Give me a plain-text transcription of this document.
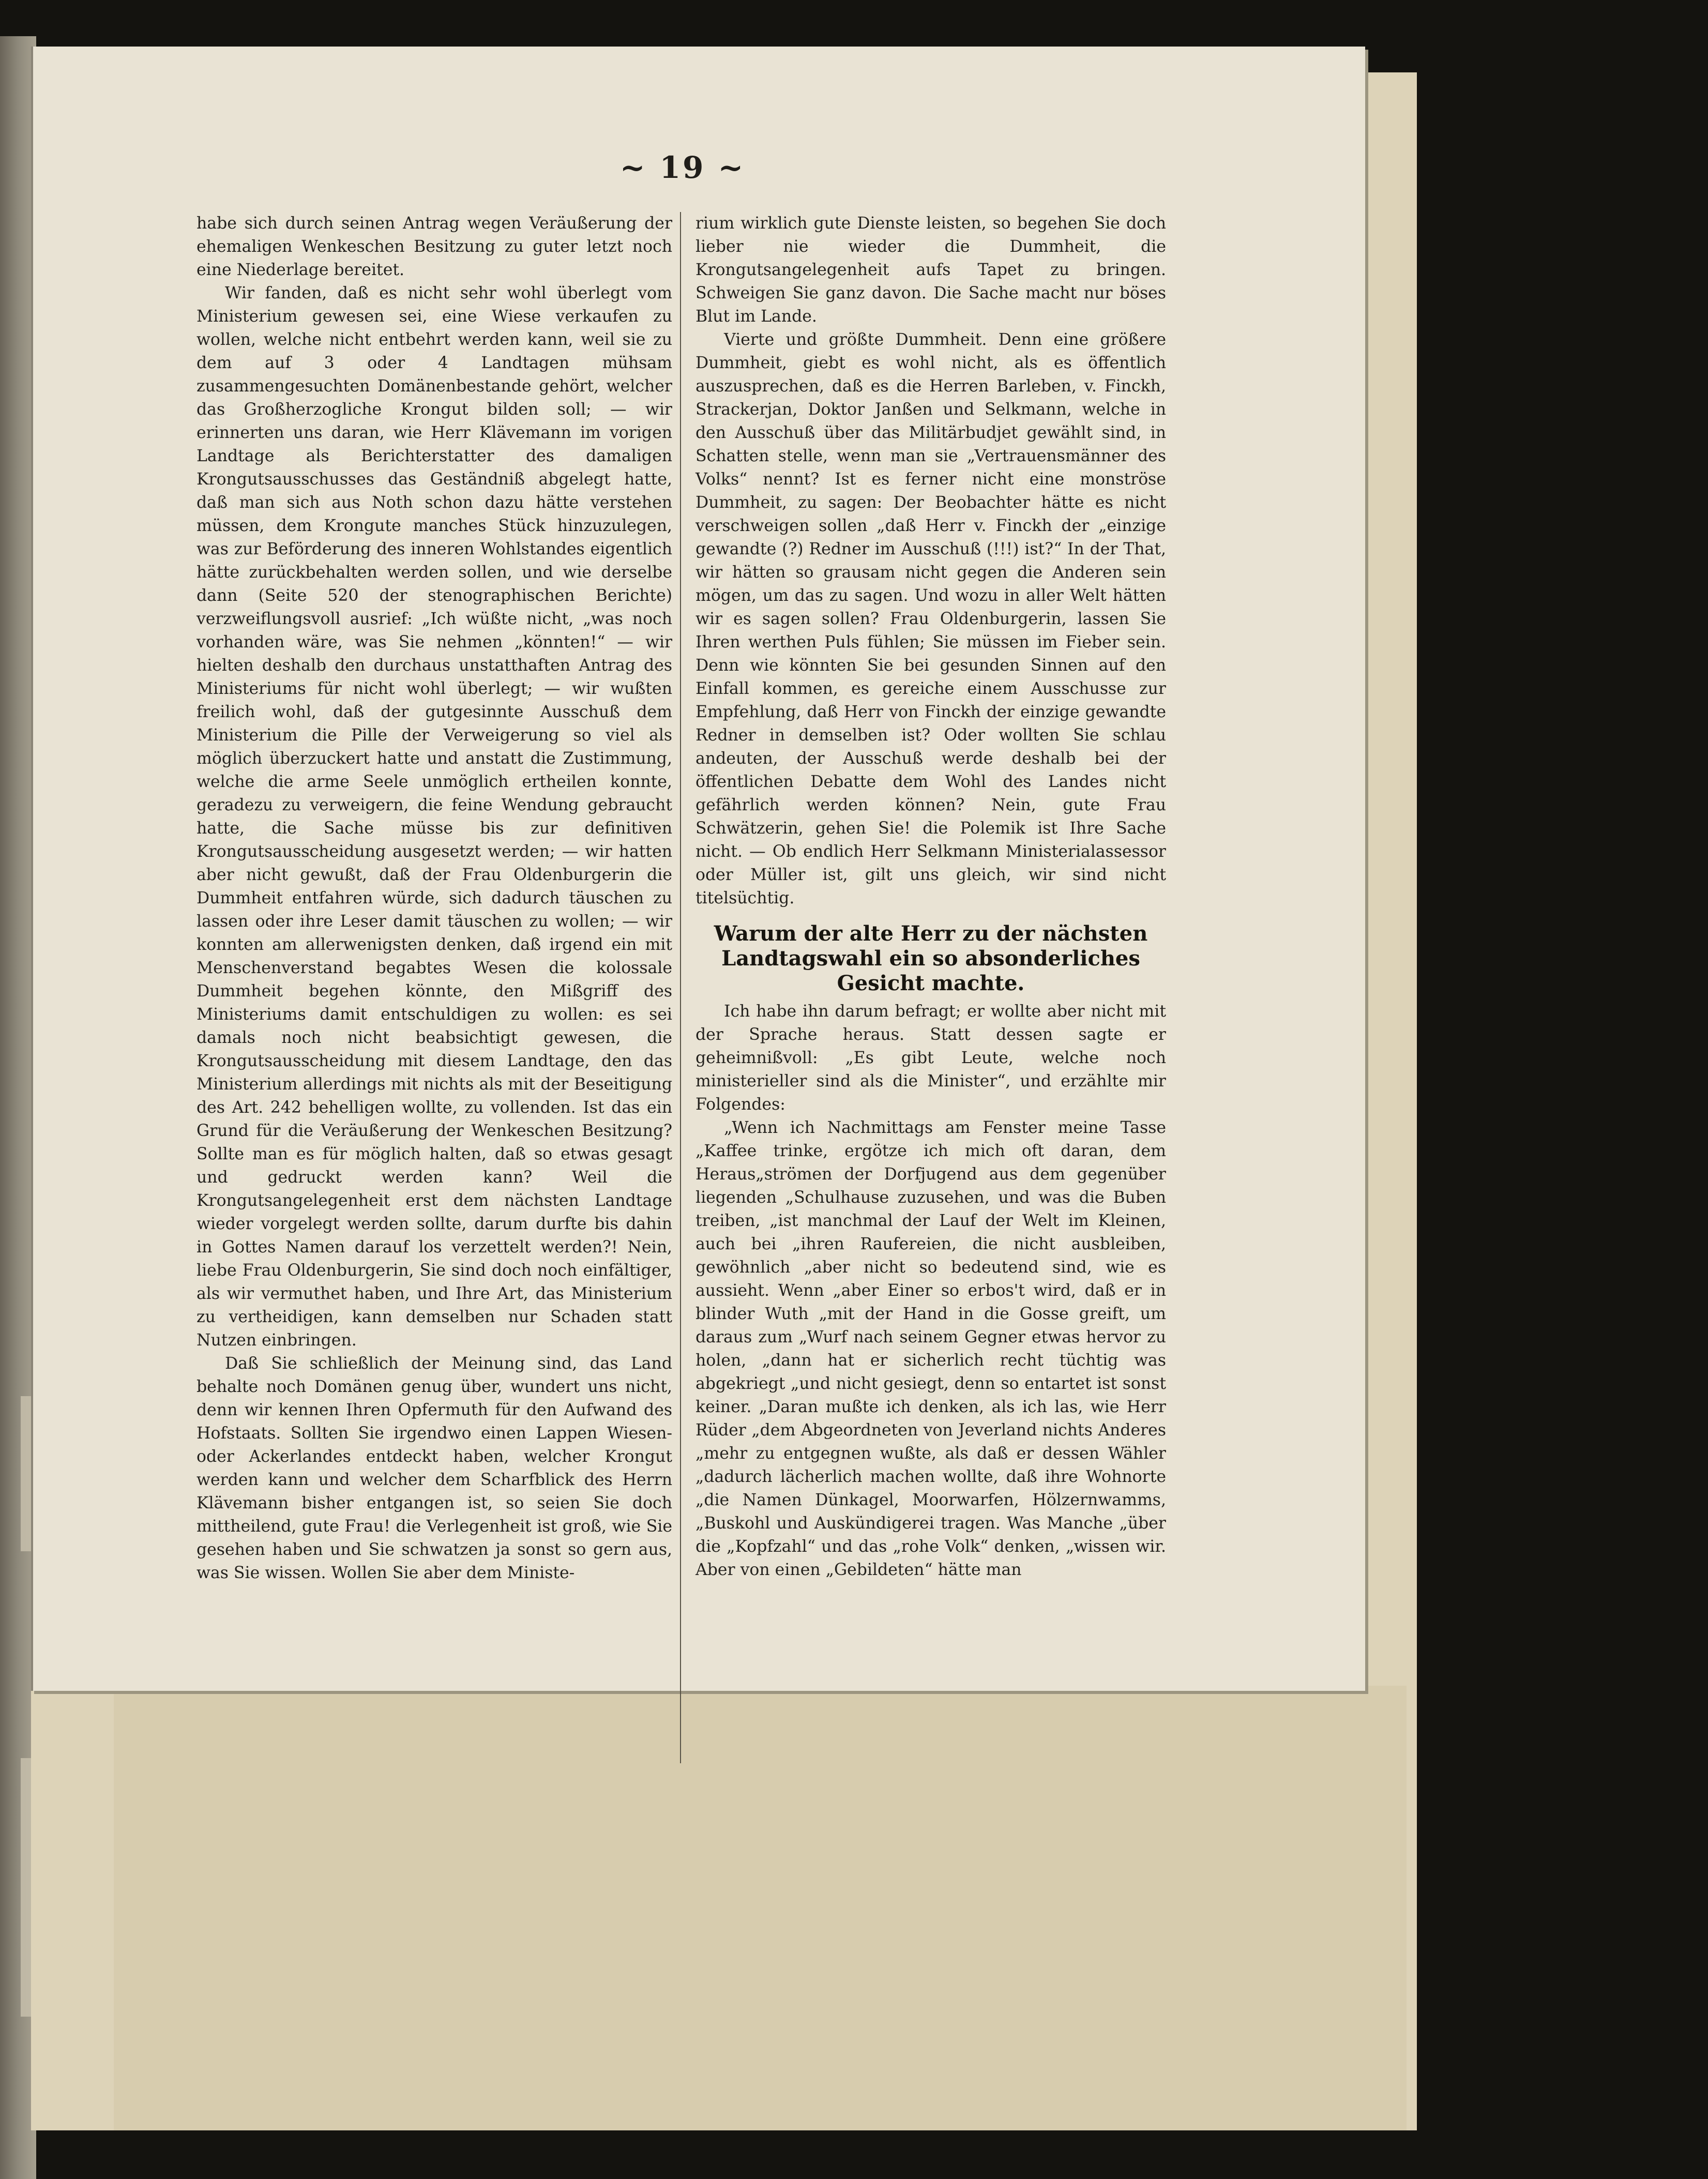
~ 19 ~

habe sich durch seinen Antrag wegen Veräußerung der ehemaligen Wenkeschen Besitzung zu guter letzt noch eine Niederlage bereitet.

Wir fanden, daß es nicht sehr wohl überlegt vom Ministerium gewesen sei, eine Wiese verkaufen zu wollen, welche nicht entbehrt werden kann, weil sie zu dem auf 3 oder 4 Landtagen mühsam zusammengesuchten Domänenbestande gehört, welcher das Großherzogliche Krongut bilden soll; — wir erinnerten uns daran, wie Herr Klävemann im vorigen Landtage als Berichterstatter des damaligen Krongutsausschusses das Geständniß abgelegt hatte, daß man sich aus Noth schon dazu hätte verstehen müssen, dem Krongute manches Stück hinzuzulegen, was zur Beförderung des inneren Wohlstandes eigentlich hätte zurückbehalten werden sollen, und wie derselbe dann (Seite 520 der stenographischen Berichte) verzweiflungsvoll ausrief: „Ich wüßte nicht, „was noch vorhanden wäre, was Sie nehmen „könnten!“ — wir hielten deshalb den durchaus unstatthaften Antrag des Ministeriums für nicht wohl überlegt; — wir wußten freilich wohl, daß der gutgesinnte Ausschuß dem Ministerium die Pille der Verweigerung so viel als möglich überzuckert hatte und anstatt die Zustimmung, welche die arme Seele unmöglich ertheilen konnte, geradezu zu verweigern, die feine Wendung gebraucht hatte, die Sache müsse bis zur definitiven Krongutsausscheidung ausgesetzt werden; — wir hatten aber nicht gewußt, daß der Frau Oldenburgerin die Dummheit entfahren würde, sich dadurch täuschen zu lassen oder ihre Leser damit täuschen zu wollen; — wir konnten am allerwenigsten denken, daß irgend ein mit Menschenverstand begabtes Wesen die kolossale Dummheit begehen könnte, den Mißgriff des Ministeriums damit entschuldigen zu wollen: es sei damals noch nicht beabsichtigt gewesen, die Krongutsausscheidung mit diesem Landtage, den das Ministerium allerdings mit nichts als mit der Beseitigung des Art. 242 behelligen wollte, zu vollenden. Ist das ein Grund für die Veräußerung der Wenkeschen Besitzung? Sollte man es für möglich halten, daß so etwas gesagt und gedruckt werden kann? Weil die Krongutsangelegenheit erst dem nächsten Landtage wieder vorgelegt werden sollte, darum durfte bis dahin in Gottes Namen darauf los verzettelt werden?! Nein, liebe Frau Oldenburgerin, Sie sind doch noch einfältiger, als wir vermuthet haben, und Ihre Art, das Ministerium zu vertheidigen, kann demselben nur Schaden statt Nutzen einbringen.

Daß Sie schließlich der Meinung sind, das Land behalte noch Domänen genug über, wundert uns nicht, denn wir kennen Ihren Opfermuth für den Aufwand des Hofstaats. Sollten Sie irgendwo einen Lappen Wiesen- oder Ackerlandes entdeckt haben, welcher Krongut werden kann und welcher dem Scharfblick des Herrn Klävemann bisher entgangen ist, so seien Sie doch mittheilend, gute Frau! die Verlegenheit ist groß, wie Sie gesehen haben und Sie schwatzen ja sonst so gern aus, was Sie wissen. Wollen Sie aber dem Ministe-

rium wirklich gute Dienste leisten, so begehen Sie doch lieber nie wieder die Dummheit, die Krongutsangelegenheit aufs Tapet zu bringen. Schweigen Sie ganz davon. Die Sache macht nur böses Blut im Lande.

Vierte und größte Dummheit. Denn eine größere Dummheit, giebt es wohl nicht, als es öffentlich auszusprechen, daß es die Herren Barleben, v. Finckh, Strackerjan, Doktor Janßen und Selkmann, welche in den Ausschuß über das Militärbudjet gewählt sind, in Schatten stelle, wenn man sie „Vertrauensmänner des Volks“ nennt? Ist es ferner nicht eine monströse Dummheit, zu sagen: Der Beobachter hätte es nicht verschweigen sollen „daß Herr v. Finckh der „einzige gewandte (?) Redner im Ausschuß (!!!) ist?“ In der That, wir hätten so grausam nicht gegen die Anderen sein mögen, um das zu sagen. Und wozu in aller Welt hätten wir es sagen sollen? Frau Oldenburgerin, lassen Sie Ihren werthen Puls fühlen; Sie müssen im Fieber sein. Denn wie könnten Sie bei gesunden Sinnen auf den Einfall kommen, es gereiche einem Ausschusse zur Empfehlung, daß Herr von Finckh der einzige gewandte Redner in demselben ist? Oder wollten Sie schlau andeuten, der Ausschuß werde deshalb bei der öffentlichen Debatte dem Wohl des Landes nicht gefährlich werden können? Nein, gute Frau Schwätzerin, gehen Sie! die Polemik ist Ihre Sache nicht. — Ob endlich Herr Selkmann Ministerialassessor oder Müller ist, gilt uns gleich, wir sind nicht titelsüchtig.

Warum der alte Herr zu der nächsten Landtagswahl ein so absonderliches Gesicht machte.

Ich habe ihn darum befragt; er wollte aber nicht mit der Sprache heraus. Statt dessen sagte er geheimnißvoll: „Es gibt Leute, welche noch ministerieller sind als die Minister“, und erzählte mir Folgendes:

„Wenn ich Nachmittags am Fenster meine Tasse „Kaffee trinke, ergötze ich mich oft daran, dem Heraus„strömen der Dorfjugend aus dem gegenüber liegenden „Schulhause zuzusehen, und was die Buben treiben, „ist manchmal der Lauf der Welt im Kleinen, auch bei „ihren Raufereien, die nicht ausbleiben, gewöhnlich „aber nicht so bedeutend sind, wie es aussieht. Wenn „aber Einer so erbos't wird, daß er in blinder Wuth „mit der Hand in die Gosse greift, um daraus zum „Wurf nach seinem Gegner etwas hervor zu holen, „dann hat er sicherlich recht tüchtig was abgekriegt „und nicht gesiegt, denn so entartet ist sonst keiner. „Daran mußte ich denken, als ich las, wie Herr Rüder „dem Abgeordneten von Jeverland nichts Anderes „mehr zu entgegnen wußte, als daß er dessen Wähler „dadurch lächerlich machen wollte, daß ihre Wohnorte „die Namen Dünkagel, Moorwarfen, Hölzernwamms, „Buskohl und Auskündigerei tragen. Was Manche „über die „Kopfzahl“ und das „rohe Volk“ denken, „wissen wir. Aber von einen „Gebildeten“ hätte man
